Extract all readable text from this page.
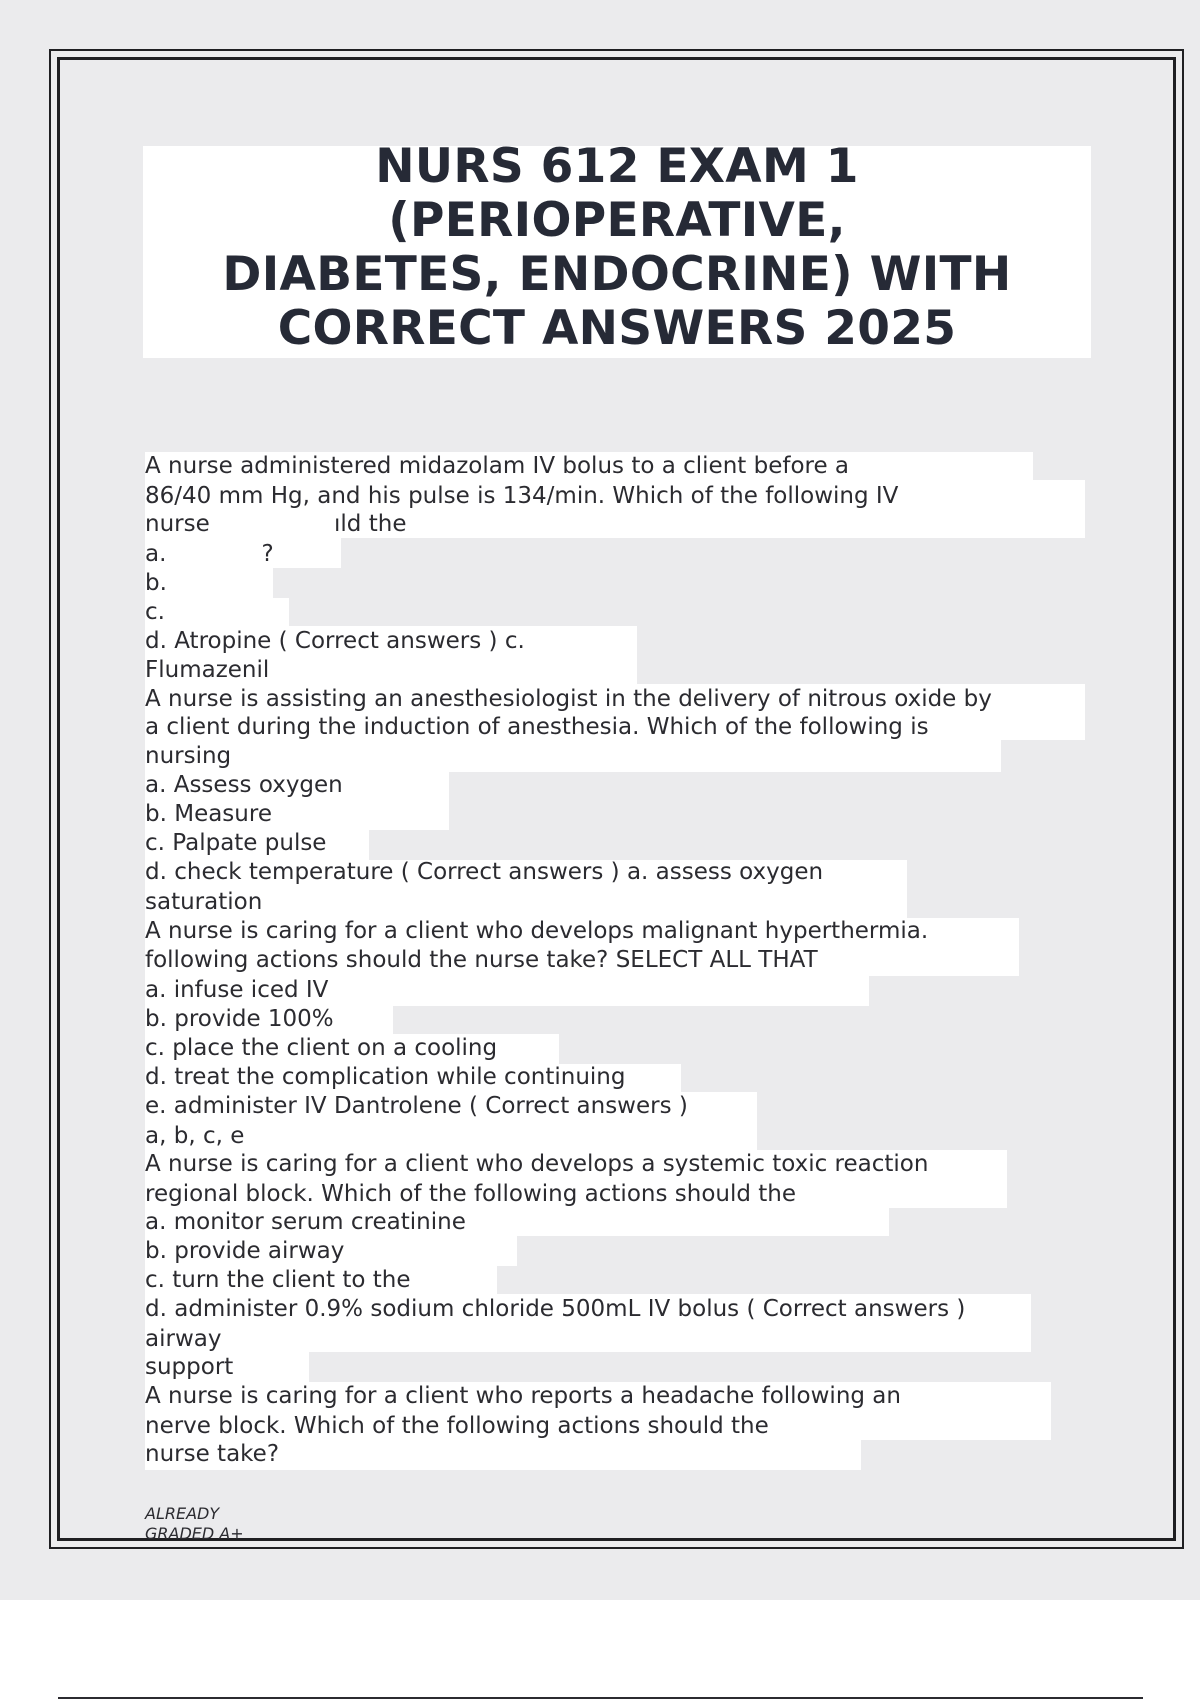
NURS 612 EXAM 1
(PERIOPERATIVE,
DIABETES, ENDOCRINE) WITH
CORRECT ANSWERS 2025
A nurse administered midazolam IV bolus to a client before a
86/40 mm Hg, and his pulse is 134/min. Which of the following IV
nurse                 ıld the
a.             ?
b.
c.
d. Atropine ( Correct answers ) c.
Flumazenil
A nurse is assisting an anesthesiologist in the delivery of nitrous oxide by
a client during the induction of anesthesia. Which of the following is
nursing
a. Assess oxygen
b. Measure
c. Palpate pulse
d. check temperature ( Correct answers ) a. assess oxygen
saturation
A nurse is caring for a client who develops malignant hyperthermia.
following actions should the nurse take? SELECT ALL THAT
a. infuse iced IV
b. provide 100%
c. place the client on a cooling
d. treat the complication while continuing
e. administer IV Dantrolene ( Correct answers )
a, b, c, e
A nurse is caring for a client who develops a systemic toxic reaction
regional block. Which of the following actions should the
a. monitor serum creatinine
b. provide airway
c. turn the client to the
d. administer 0.9% sodium chloride 500mL IV bolus ( Correct answers )
airway
support
A nurse is caring for a client who reports a headache following an
nerve block. Which of the following actions should the
nurse take?
ALREADY
GRADED A+
